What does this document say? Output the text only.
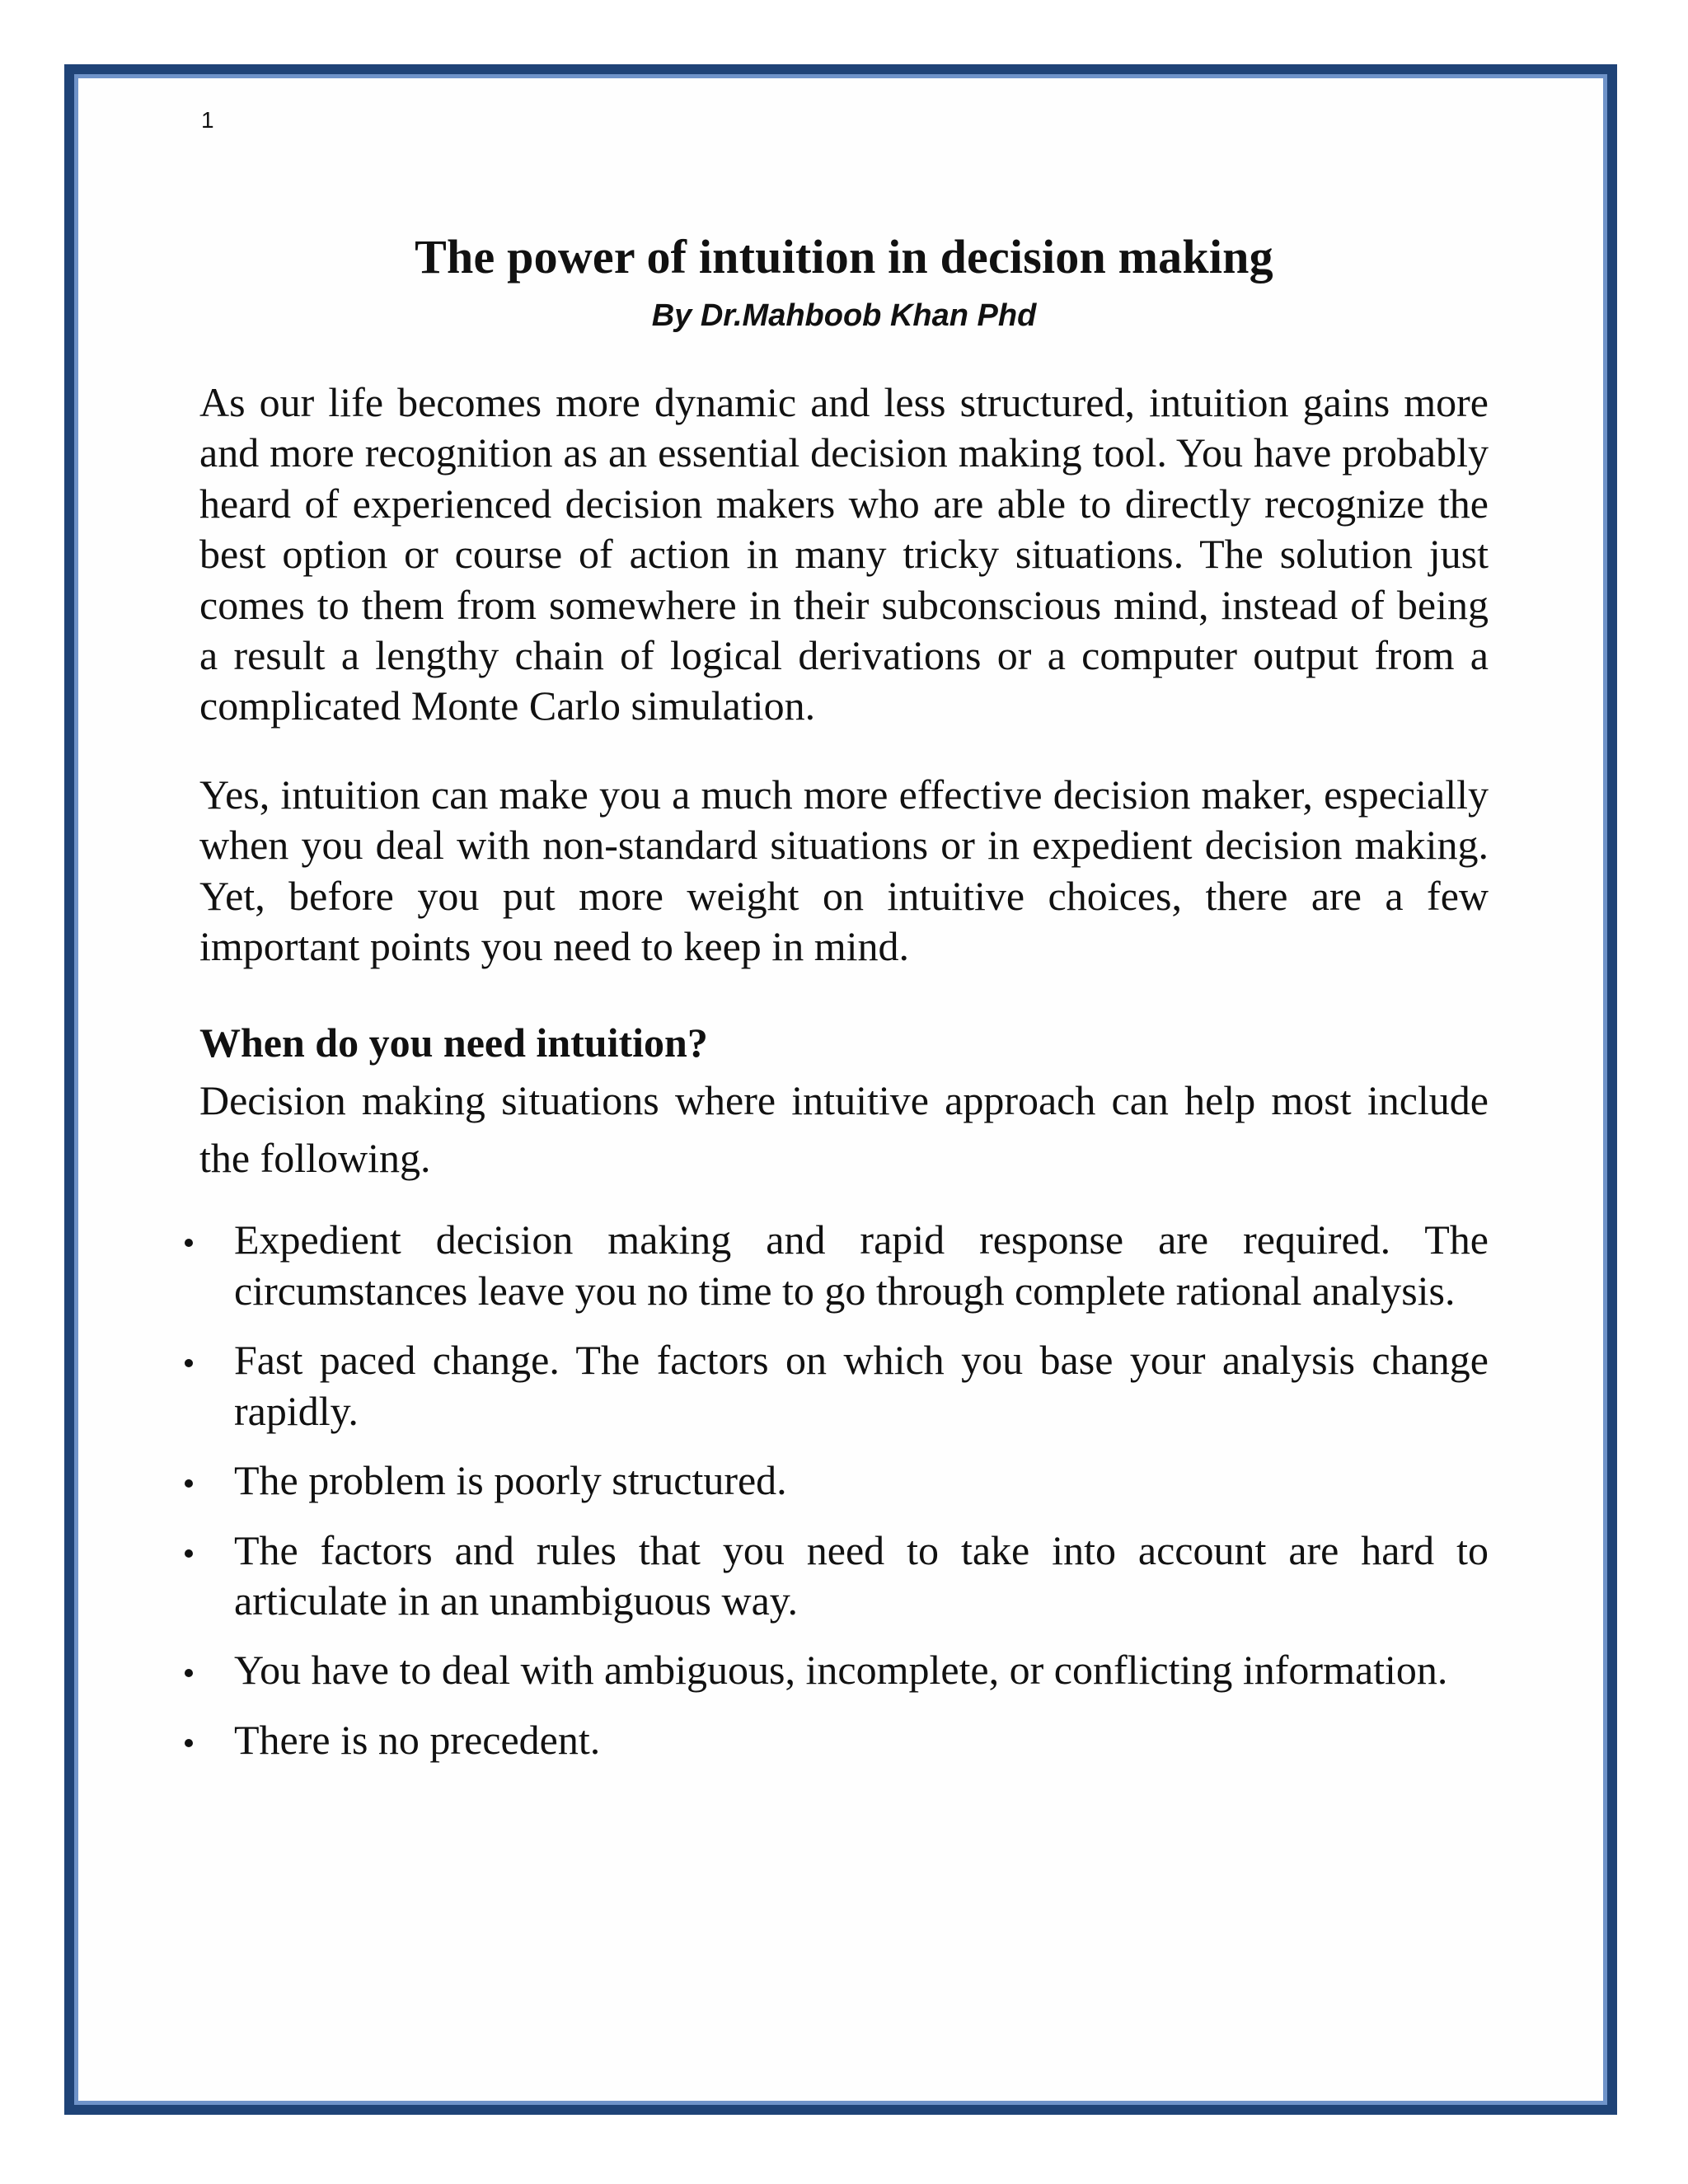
1
The power of intuition in decision making

By Dr.Mahboob Khan Phd

As our life becomes more dynamic and less structured, intuition gains more and more recognition as an essential decision making tool. You have probably heard of experienced decision makers who are able to directly recognize the best option or course of action in many tricky situations. The solution just comes to them from somewhere in their subconscious mind, instead of being a result a lengthy chain of logical derivations or a computer output from a complicated Monte Carlo simulation.

Yes, intuition can make you a much more effective decision maker, especially when you deal with non-standard situations or in expedient decision making. Yet, before you put more weight on intuitive choices, there are a few important points you need to keep in mind.

When do you need intuition?

Decision making situations where intuitive approach can help most include the following.

Expedient decision making and rapid response are required. The circumstances leave you no time to go through complete rational analysis.
Fast paced change. The factors on which you base your analysis change rapidly.
The problem is poorly structured.
The factors and rules that you need to take into account are hard to articulate in an unambiguous way.
You have to deal with ambiguous, incomplete, or conflicting information.
There is no precedent.
